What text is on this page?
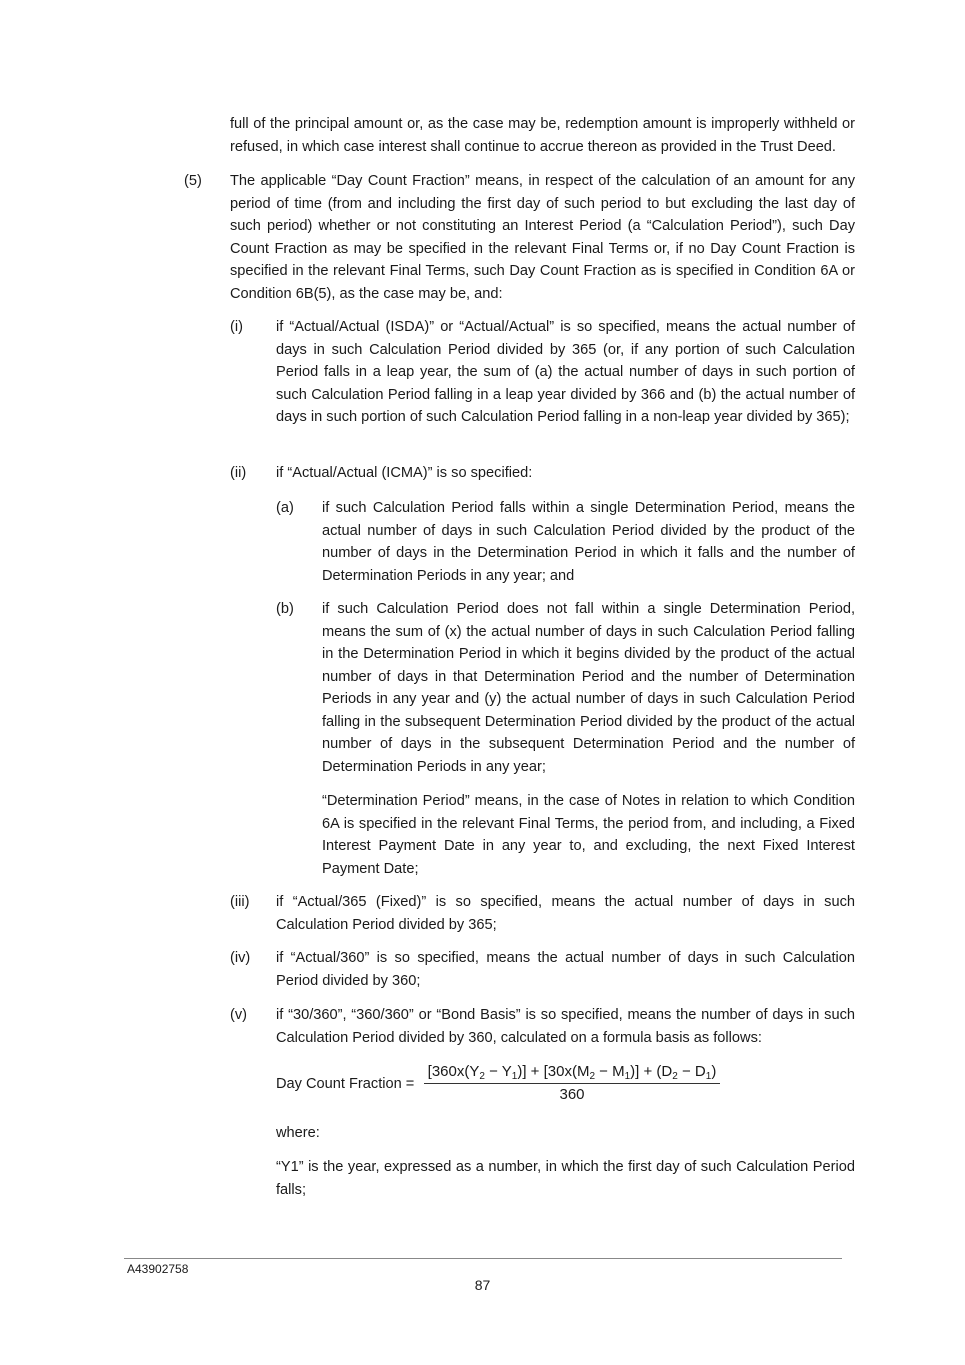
full of the principal amount or, as the case may be, redemption amount is improperly withheld or refused, in which case interest shall continue to accrue thereon as provided in the Trust Deed.

(5) The applicable “Day Count Fraction” means, in respect of the calculation of an amount for any period of time (from and including the first day of such period to but excluding the last day of such period) whether or not constituting an Interest Period (a “Calculation Period”), such Day Count Fraction as may be specified in the relevant Final Terms or, if no Day Count Fraction is specified in the relevant Final Terms, such Day Count Fraction as is specified in Condition 6A or Condition 6B(5), as the case may be, and:

(i) if “Actual/Actual (ISDA)” or “Actual/Actual” is so specified, means the actual number of days in such Calculation Period divided by 365 (or, if any portion of such Calculation Period falls in a leap year, the sum of (a) the actual number of days in such portion of such Calculation Period falling in a leap year divided by 366 and (b) the actual number of days in such portion of such Calculation Period falling in a non-leap year divided by 365);

(ii) if “Actual/Actual (ICMA)” is so specified:

(a) if such Calculation Period falls within a single Determination Period, means the actual number of days in such Calculation Period divided by the product of the number of days in the Determination Period in which it falls and the number of Determination Periods in any year; and

(b) if such Calculation Period does not fall within a single Determination Period, means the sum of (x) the actual number of days in such Calculation Period falling in the Determination Period in which it begins divided by the product of the actual number of days in that Determination Period and the number of Determination Periods in any year and (y) the actual number of days in such Calculation Period falling in the subsequent Determination Period divided by the product of the actual number of days in the subsequent Determination Period and the number of Determination Periods in any year;

“Determination Period” means, in the case of Notes in relation to which Condition 6A is specified in the relevant Final Terms, the period from, and including, a Fixed Interest Payment Date in any year to, and excluding, the next Fixed Interest Payment Date;

(iii) if “Actual/365 (Fixed)” is so specified, means the actual number of days in such Calculation Period divided by 365;

(iv) if “Actual/360” is so specified, means the actual number of days in such Calculation Period divided by 360;

(v) if “30/360”, “360/360” or “Bond Basis” is so specified, means the number of days in such Calculation Period divided by 360, calculated on a formula basis as follows:

Day Count Fraction =
$[360x(Y_2 - Y_1)] + [30x(M_2 - M_1)] + (D_2 - D_1)$
360

where:

“Y1” is the year, expressed as a number, in which the first day of such Calculation Period falls;

A43902758
87
